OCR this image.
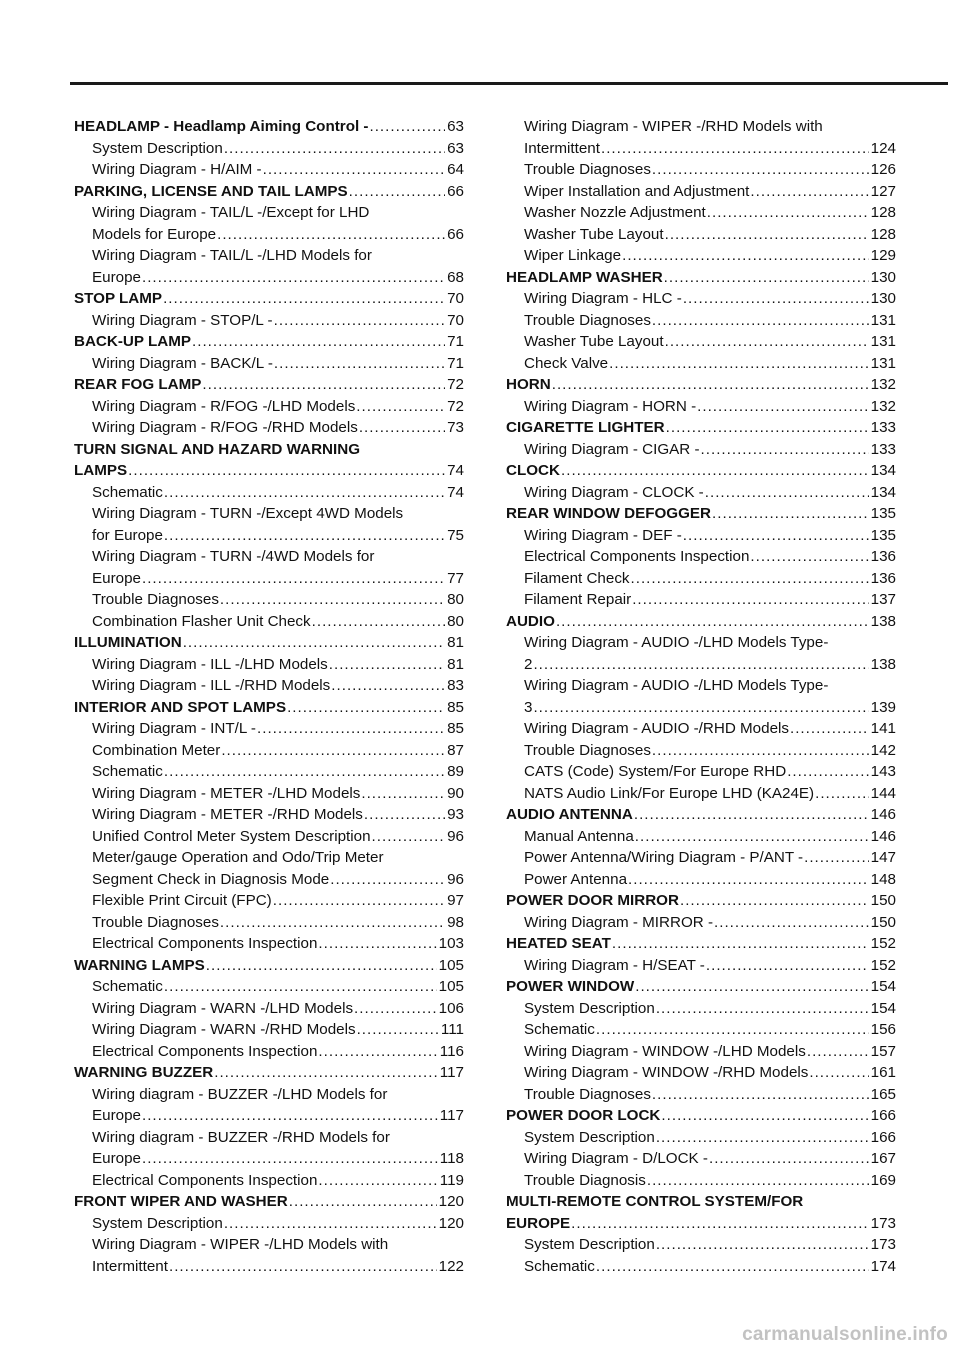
HEADLAMP - Headlamp Aiming Control - .....	63
System Description .....	63
Wiring Diagram - H/AIM - .....	64
PARKING, LICENSE AND TAIL LAMPS .....	66
Wiring Diagram - TAIL/L -/Except for LHD
Models for Europe .....	66
Wiring Diagram - TAIL/L -/LHD Models for
Europe .....	68
STOP LAMP .....	70
Wiring Diagram - STOP/L - .....	70
BACK-UP LAMP .....	71
Wiring Diagram - BACK/L - .....	71
REAR FOG LAMP .....	72
Wiring Diagram - R/FOG -/LHD Models .....	72
Wiring Diagram - R/FOG -/RHD Models .....	73
TURN SIGNAL AND HAZARD WARNING
LAMPS .....	74
Schematic .....	74
Wiring Diagram - TURN -/Except 4WD Models
for Europe .....	75
Wiring Diagram - TURN -/4WD Models for
Europe .....	77
Trouble Diagnoses .....	80
Combination Flasher Unit Check .....	80
ILLUMINATION .....	81
Wiring Diagram - ILL -/LHD Models .....	81
Wiring Diagram - ILL -/RHD Models .....	83
INTERIOR AND SPOT LAMPS .....	85
Wiring Diagram - INT/L - .....	85
Combination Meter .....	87
Schematic .....	89
Wiring Diagram - METER -/LHD Models .....	90
Wiring Diagram - METER -/RHD Models .....	93
Unified Control Meter System Description .....	96
Meter/gauge Operation and Odo/Trip Meter
Segment Check in Diagnosis Mode .....	96
Flexible Print Circuit (FPC) .....	97
Trouble Diagnoses .....	98
Electrical Components Inspection .....	103
WARNING LAMPS .....	105
Schematic .....	105
Wiring Diagram - WARN -/LHD Models .....	106
Wiring Diagram - WARN -/RHD Models .....	111
Electrical Components Inspection .....	116
WARNING BUZZER .....	117
Wiring diagram - BUZZER -/LHD Models for
Europe .....	117
Wiring diagram - BUZZER -/RHD Models for
Europe .....	118
Electrical Components Inspection .....	119
FRONT WIPER AND WASHER .....	120
System Description .....	120
Wiring Diagram - WIPER -/LHD Models with
Intermittent .....	122
Wiring Diagram - WIPER -/RHD Models with
Intermittent .....	124
Trouble Diagnoses .....	126
Wiper Installation and Adjustment .....	127
Washer Nozzle Adjustment .....	128
Washer Tube Layout .....	128
Wiper Linkage .....	129
HEADLAMP WASHER .....	130
Wiring Diagram - HLC - .....	130
Trouble Diagnoses .....	131
Washer Tube Layout .....	131
Check Valve .....	131
HORN .....	132
Wiring Diagram - HORN - .....	132
CIGARETTE LIGHTER .....	133
Wiring Diagram - CIGAR - .....	133
CLOCK .....	134
Wiring Diagram - CLOCK - .....	134
REAR WINDOW DEFOGGER .....	135
Wiring Diagram - DEF - .....	135
Electrical Components Inspection .....	136
Filament Check .....	136
Filament Repair .....	137
AUDIO .....	138
Wiring Diagram - AUDIO -/LHD Models Type-
2 .....	138
Wiring Diagram - AUDIO -/LHD Models Type-
3 .....	139
Wiring Diagram - AUDIO -/RHD Models .....	141
Trouble Diagnoses .....	142
CATS (Code) System/For Europe RHD .....	143
NATS Audio Link/For Europe LHD (KA24E) .....	144
AUDIO ANTENNA .....	146
Manual Antenna .....	146
Power Antenna/Wiring Diagram - P/ANT - .....	147
Power Antenna .....	148
POWER DOOR MIRROR .....	150
Wiring Diagram - MIRROR - .....	150
HEATED SEAT .....	152
Wiring Diagram - H/SEAT - .....	152
POWER WINDOW .....	154
System Description .....	154
Schematic .....	156
Wiring Diagram - WINDOW -/LHD Models .....	157
Wiring Diagram - WINDOW -/RHD Models .....	161
Trouble Diagnoses .....	165
POWER DOOR LOCK .....	166
System Description .....	166
Wiring Diagram - D/LOCK - .....	167
Trouble Diagnosis .....	169
MULTI-REMOTE CONTROL SYSTEM/FOR
EUROPE .....	173
System Description .....	173
Schematic .....	174
carmanualsonline.info
